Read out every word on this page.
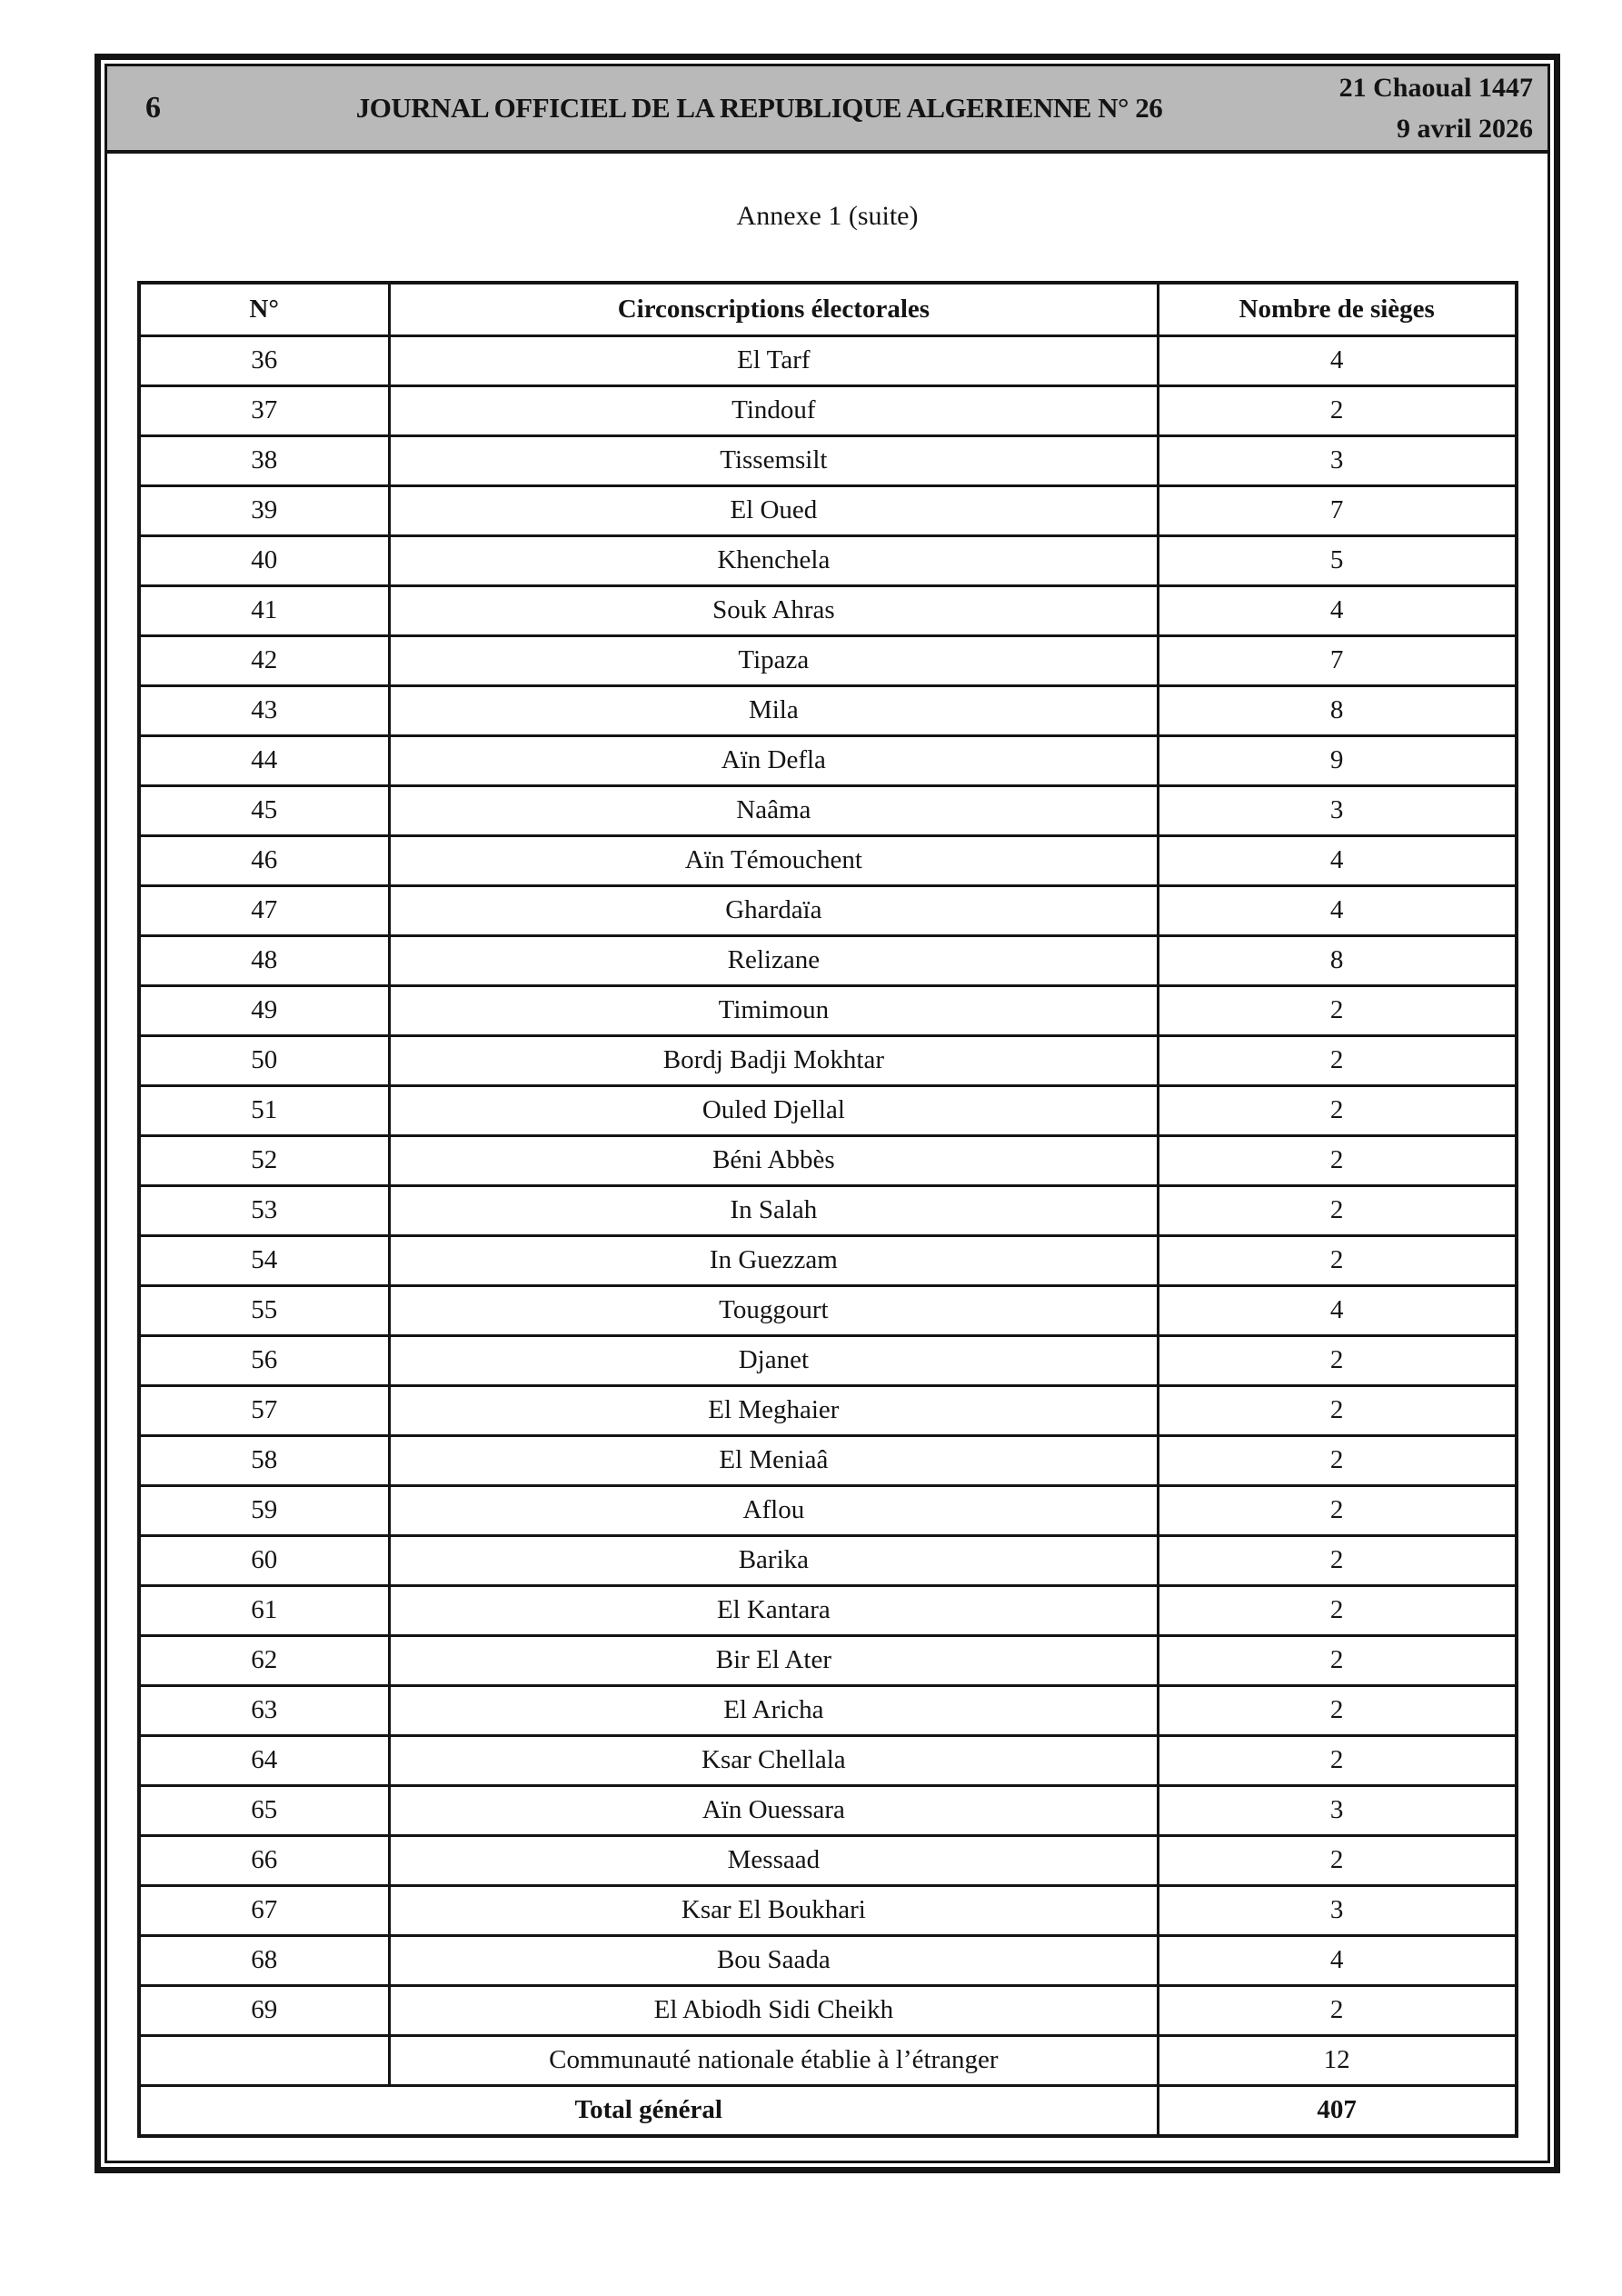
6	JOURNAL OFFICIEL DE LA REPUBLIQUE ALGERIENNE N° 26
21 Chaoual 1447
9 avril 2026
Annexe 1 (suite)
N°	Circonscriptions électorales	Nombre de sièges
36	El Tarf	4
37	Tindouf	2
38	Tissemsilt	3
39	El Oued	7
40	Khenchela	5
41	Souk Ahras	4
42	Tipaza	7
43	Mila	8
44	Aïn Defla	9
45	Naâma	3
46	Aïn Témouchent	4
47	Ghardaïa	4
48	Relizane	8
49	Timimoun	2
50	Bordj Badji Mokhtar	2
51	Ouled Djellal	2
52	Béni Abbès	2
53	In Salah	2
54	In Guezzam	2
55	Touggourt	4
56	Djanet	2
57	El Meghaier	2
58	El Meniaâ	2
59	Aflou	2
60	Barika	2
61	El Kantara	2
62	Bir El Ater	2
63	El Aricha	2
64	Ksar Chellala	2
65	Aïn Ouessara	3
66	Messaad	2
67	Ksar El Boukhari	3
68	Bou Saada	4
69	El Abiodh Sidi Cheikh	2
	Communauté nationale établie à l’étranger	12
Total général		407
